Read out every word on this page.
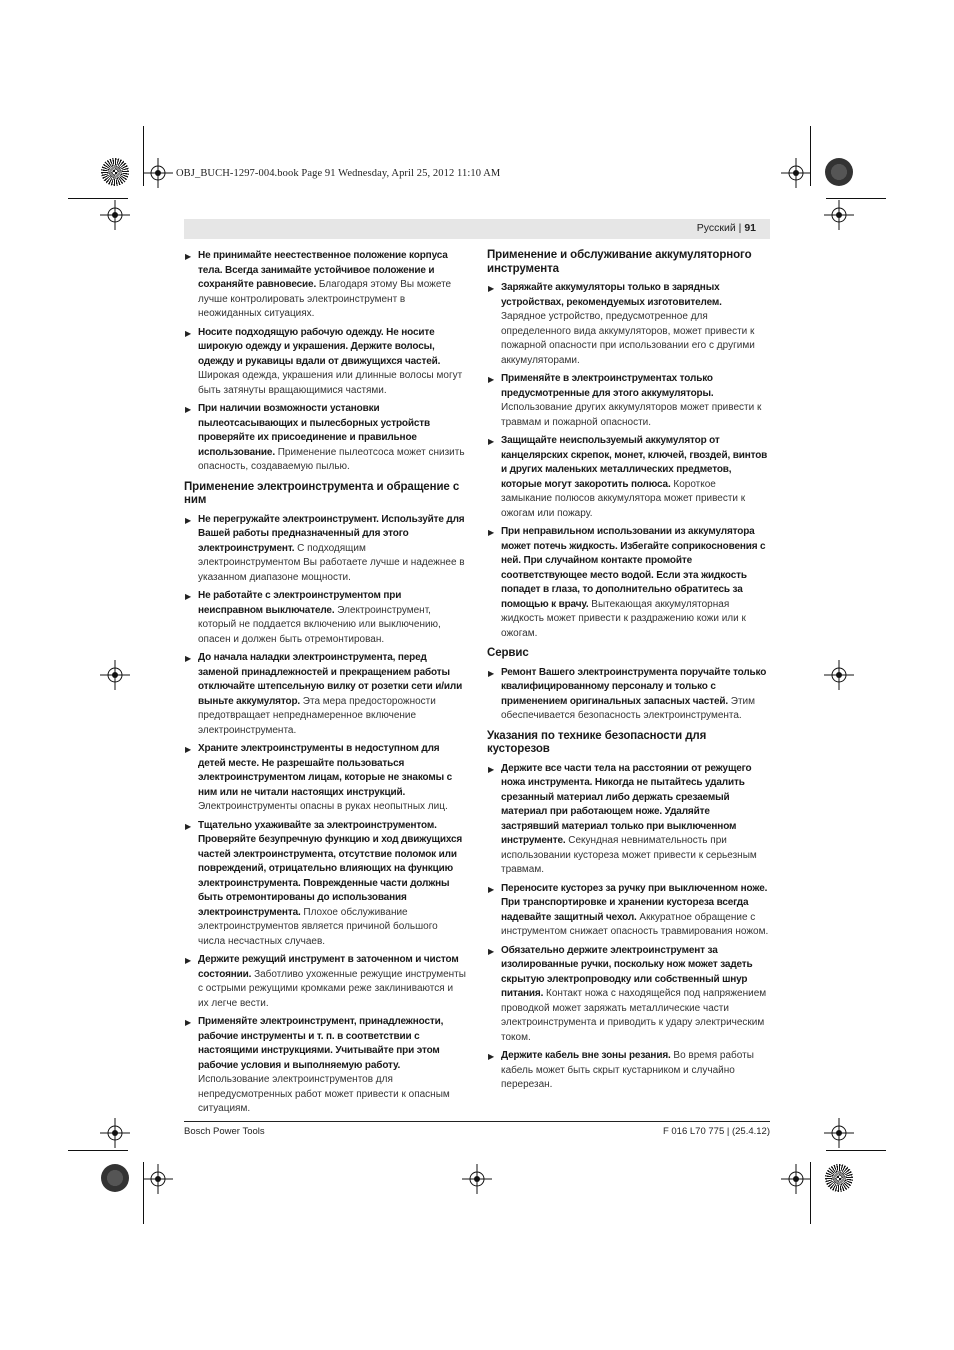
OBJ_BUCH-1297-004.book Page 91 Wednesday, April 25, 2012 11:10 AM
Русский | 91
▶ Не принимайте неестественное положение корпуса тела. Всегда занимайте устойчивое положение и сохраняйте равновесие. Благодаря этому Вы можете лучше контролировать электроинструмент в неожиданных ситуациях.
▶ Носите подходящую рабочую одежду. Не носите широкую одежду и украшения. Держите волосы, одежду и рукавицы вдали от движущихся частей. Широкая одежда, украшения или длинные волосы могут быть затянуты вращающимися частями.
▶ При наличии возможности установки пылеотсасывающих и пылесборных устройств проверяйте их присоединение и правильное использование. Применение пылеотсоса может снизить опасность, создаваемую пылью.
Применение электроинструмента и обращение с ним
▶ Не перегружайте электроинструмент. Используйте для Вашей работы предназначенный для этого электроинструмент. С подходящим электроинструментом Вы работаете лучше и надежнее в указанном диапазоне мощности.
▶ Не работайте с электроинструментом при неисправном выключателе. Электроинструмент, который не поддается включению или выключению, опасен и должен быть отремонтирован.
▶ До начала наладки электроинструмента, перед заменой принадлежностей и прекращением работы отключайте штепсельную вилку от розетки сети и/или выньте аккумулятор. Эта мера предосторожности предотвращает непреднамеренное включение электроинструмента.
▶ Храните электроинструменты в недоступном для детей месте. Не разрешайте пользоваться электроинструментом лицам, которые не знакомы с ним или не читали настоящих инструкций. Электроинструменты опасны в руках неопытных лиц.
▶ Тщательно ухаживайте за электроинструментом. Проверяйте безупречную функцию и ход движущихся частей электроинструмента, отсутствие поломок или повреждений, отрицательно влияющих на функцию электроинструмента. Поврежденные части должны быть отремонтированы до использования электроинструмента. Плохое обслуживание электроинструментов является причиной большого числа несчастных случаев.
▶ Держите режущий инструмент в заточенном и чистом состоянии. Заботливо ухоженные режущие инструменты с острыми режущими кромками реже заклиниваются и их легче вести.
▶ Применяйте электроинструмент, принадлежности, рабочие инструменты и т. п. в соответствии с настоящими инструкциями. Учитывайте при этом рабочие условия и выполняемую работу. Использование электроинструментов для непредусмотренных работ может привести к опасным ситуациям.
Применение и обслуживание аккумуляторного инструмента
▶ Заряжайте аккумуляторы только в зарядных устройствах, рекомендуемых изготовителем. Зарядное устройство, предусмотренное для определенного вида аккумуляторов, может привести к пожарной опасности при использовании его с другими аккумуляторами.
▶ Применяйте в электроинструментах только предусмотренные для этого аккумуляторы. Использование других аккумуляторов может привести к травмам и пожарной опасности.
▶ Защищайте неиспользуемый аккумулятор от канцелярских скрепок, монет, ключей, гвоздей, винтов и других маленьких металлических предметов, которые могут закоротить полюса. Короткое замыкание полюсов аккумулятора может привести к ожогам или пожару.
▶ При неправильном использовании из аккумулятора может потечь жидкость. Избегайте соприкосновения с ней. При случайном контакте промойте соответствующее место водой. Если эта жидкость попадет в глаза, то дополнительно обратитесь за помощью к врачу. Вытекающая аккумуляторная жидкость может привести к раздражению кожи или к ожогам.
Сервис
▶ Ремонт Вашего электроинструмента поручайте только квалифицированному персоналу и только с применением оригинальных запасных частей. Этим обеспечивается безопасность электроинструмента.
Указания по технике безопасности для кусторезов
▶ Держите все части тела на расстоянии от режущего ножа инструмента. Никогда не пытайтесь удалить срезанный материал либо держать срезаемый материал при работающем ноже. Удаляйте застрявший материал только при выключенном инструменте. Секундная невнимательность при использовании кустореза может привести к серьезным травмам.
▶ Переносите кусторез за ручку при выключенном ноже. При транспортировке и хранении кустореза всегда надевайте защитный чехол. Аккуратное обращение с инструментом снижает опасность травмирования ножом.
▶ Обязательно держите электроинструмент за изолированные ручки, поскольку нож может задеть скрытую электропроводку или собственный шнур питания. Контакт ножа с находящейся под напряжением проводкой может заряжать металлические части электроинструмента и приводить к удару электрическим током.
▶ Держите кабель вне зоны резания. Во время работы кабель может быть скрыт кустарником и случайно перерезан.
Bosch Power Tools	F 016 L70 775 | (25.4.12)
